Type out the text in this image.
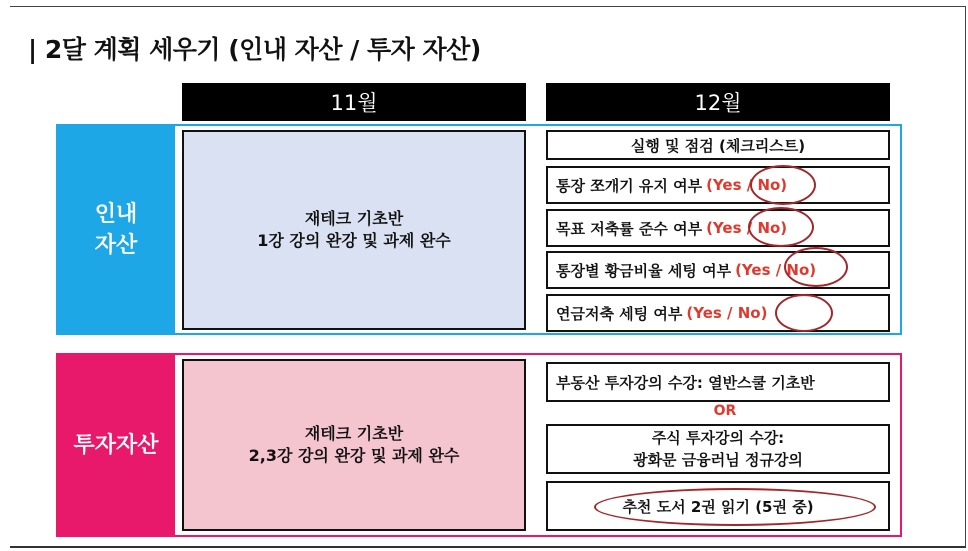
| 2달 계획 세우기 (인내 자산 / 투자 자산)
11월	12월
인내
자산
재테크 기초반
1강 강의 완강 및 과제 완수
실행 및 점검 (체크리스트)
통장 쪼개기 유지 여부 (Yes / No)
목표 저축률 준수 여부 (Yes / No)
통장별 황금비율 세팅 여부 (Yes / No)
연금저축 세팅 여부 (Yes / No)
투자자산	재테크 기초반
2,3강 강의 완강 및 과제 완수
부동산 투자강의 수강: 열반스쿨 기초반
OR
주식 투자강의 수강:
광화문 금융러님 정규강의
추천 도서 2권 읽기 (5권 중)
